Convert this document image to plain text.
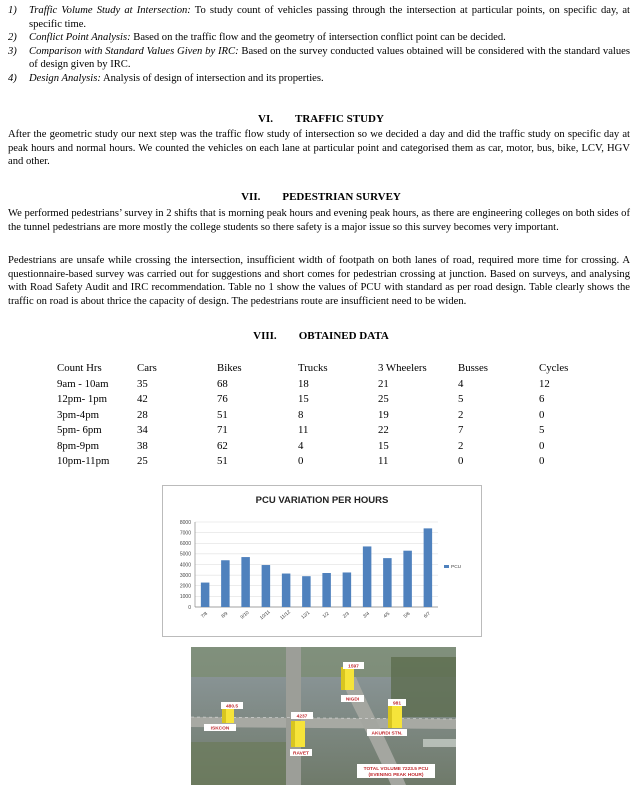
1) Traffic Volume Study at Intersection: To study count of vehicles passing through the intersection at particular points, on specific day, at specific time.
2) Conflict Point Analysis: Based on the traffic flow and the geometry of intersection conflict point can be decided.
3) Comparison with Standard Values Given by IRC: Based on the survey conducted values obtained will be considered with the standard values of design given by IRC.
4) Design Analysis: Analysis of design of intersection and its properties.
VI. TRAFFIC STUDY
After the geometric study our next step was the traffic flow study of intersection so we decided a day and did the traffic study on specific day at peak hours and normal hours. We counted the vehicles on each lane at particular point and categorised them as car, motor, bus, bike, LCV, HGV and other.
VII. PEDESTRIAN SURVEY
We performed pedestrians’ survey in 2 shifts that is morning peak hours and evening peak hours, as there are engineering colleges on both sides of the tunnel pedestrians are more mostly the college students so there safety is a major issue so this survey becomes very important.
Pedestrians are unsafe while crossing the intersection, insufficient width of footpath on both lanes of road, required more time for crossing. A questionnaire-based survey was carried out for suggestions and short comes for pedestrian crossing at junction. Based on surveys, and analysing with Road Safety Audit and IRC recommendation. Table no 1 show the values of PCU with standard as per road design. Table clearly shows the traffic on road is about thrice the capacity of design. The pedestrians route are insufficient need to be widen.
VIII. OBTAINED DATA
Count Hrs	Cars	Bikes	Trucks	3 Wheelers	Busses	Cycles
9am - 10am	35	68	18	21	4	12
12pm- 1pm	42	76	15	25	5	6
3pm-4pm	28	51	8	19	2	0
5pm- 6pm	34	71	11	22	7	5
8pm-9pm	38	62	4	15	2	0
10pm-11pm	25	51	0	11	0	0
PCU VARIATION PER HOURS
0
1000
2000
3000
4000
5000
6000
7000
8000
7/8 8/9 9/10 10/11 11/12 12/1 1/2 2/3 3/4 4/5 5/6 6/7
PCU
1597
NIGDI
981
AKURDI STN.
480.5
ISKCON
4237
RAVET
TOTAL VOLUME 7223.5 PCU
(EVENING PEAK HOUR)
